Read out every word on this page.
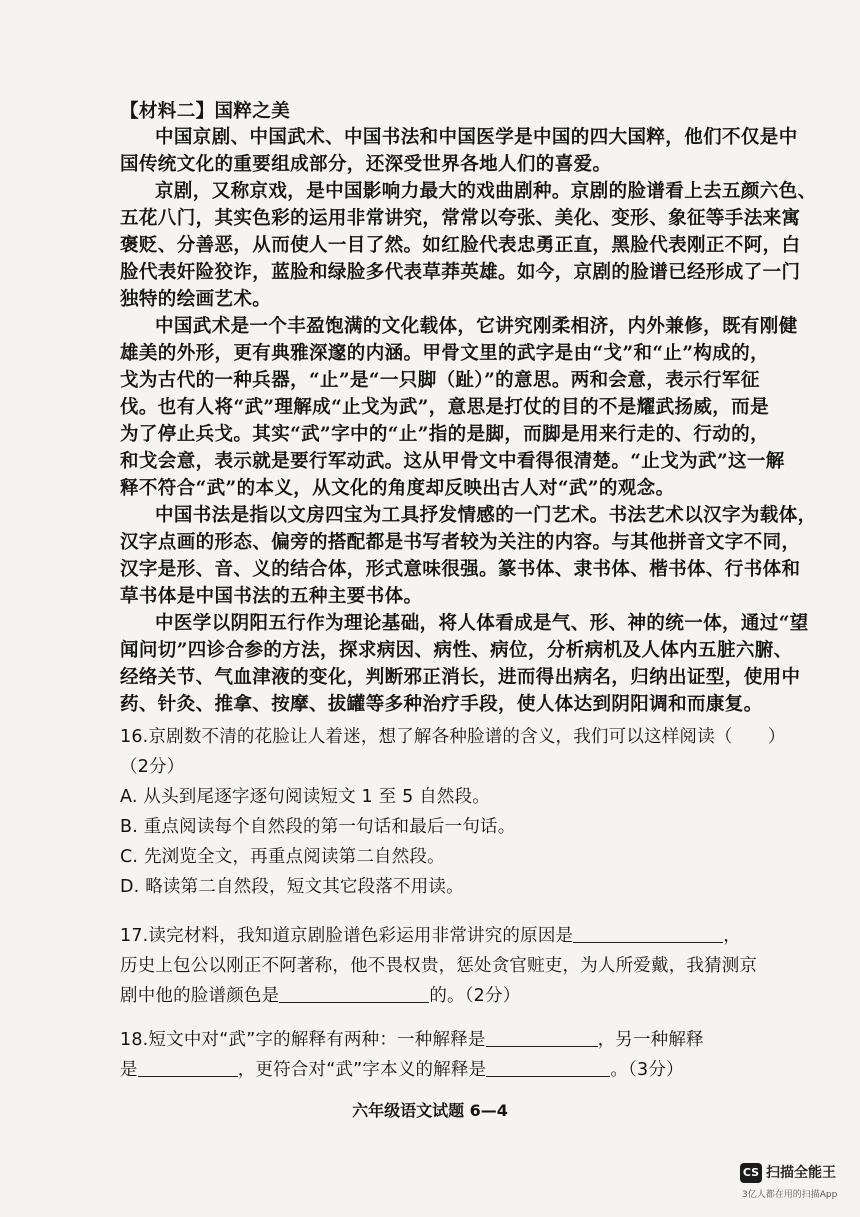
【材料二】国粹之美
中国京剧、中国武术、中国书法和中国医学是中国的四大国粹，他们不仅是中
国传统文化的重要组成部分，还深受世界各地人们的喜爱。
京剧，又称京戏，是中国影响力最大的戏曲剧种。京剧的脸谱看上去五颜六色、
五花八门，其实色彩的运用非常讲究，常常以夸张、美化、变形、象征等手法来寓
褒贬、分善恶，从而使人一目了然。如红脸代表忠勇正直，黑脸代表刚正不阿，白
脸代表奸险狡诈，蓝脸和绿脸多代表草莽英雄。如今，京剧的脸谱已经形成了一门
独特的绘画艺术。
中国武术是一个丰盈饱满的文化载体，它讲究刚柔相济，内外兼修，既有刚健
雄美的外形，更有典雅深邃的内涵。甲骨文里的武字是由“戈”和“止”构成的，
戈为古代的一种兵器，“止”是“一只脚（趾）”的意思。两和会意，表示行军征
伐。也有人将“武”理解成“止戈为武”，意思是打仗的目的不是耀武扬威，而是
为了停止兵戈。其实“武”字中的“止”指的是脚，而脚是用来行走的、行动的，
和戈会意，表示就是要行军动武。这从甲骨文中看得很清楚。“止戈为武”这一解
释不符合“武”的本义，从文化的角度却反映出古人对“武”的观念。
中国书法是指以文房四宝为工具抒发情感的一门艺术。书法艺术以汉字为载体，
汉字点画的形态、偏旁的搭配都是书写者较为关注的内容。与其他拼音文字不同，
汉字是形、音、义的结合体，形式意味很强。篆书体、隶书体、楷书体、行书体和
草书体是中国书法的五种主要书体。
中医学以阴阳五行作为理论基础，将人体看成是气、形、神的统一体，通过“望
闻问切”四诊合参的方法，探求病因、病性、病位，分析病机及人体内五脏六腑、
经络关节、气血津液的变化，判断邪正消长，进而得出病名，归纳出证型，使用中
药、针灸、推拿、按摩、拔罐等多种治疗手段，使人体达到阴阳调和而康复。
16.京剧数不清的花脸让人着迷，想了解各种脸谱的含义，我们可以这样阅读（　　）
（2分）
A. 从头到尾逐字逐句阅读短文 1 至 5 自然段。
B. 重点阅读每个自然段的第一句话和最后一句话。
C. 先浏览全文，再重点阅读第二自然段。
D. 略读第二自然段，短文其它段落不用读。
17.读完材料，我知道京剧脸谱色彩运用非常讲究的原因是	，
历史上包公以刚正不阿著称，他不畏权贵，惩处贪官赃吏，为人所爱戴，我猜测京
剧中他的脸谱颜色是	的。（2分）
18.短文中对“武”字的解释有两种：一种解释是	，另一种解释
是	，更符合对“武”字本义的解释是	。（3分）
六年级语文试题 6—4
CS 扫描全能王
3亿人都在用的扫描App
